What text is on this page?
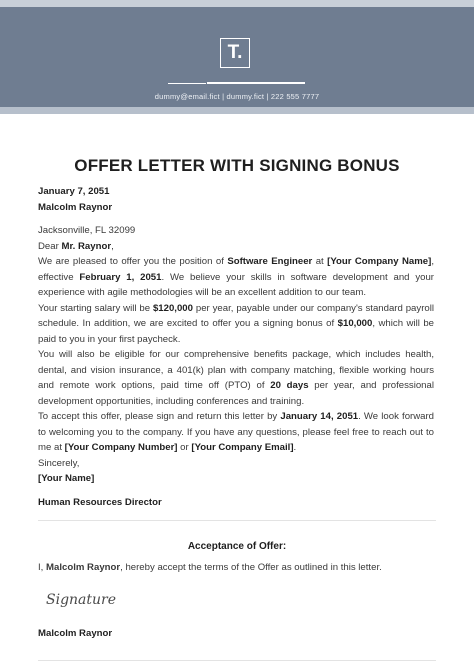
T.
dummy@email.fict | dummy.fict | 222 555 7777
OFFER LETTER WITH SIGNING BONUS

January 7, 2051

Malcolm Raynor

Jacksonville, FL 32099

Dear Mr. Raynor,

We are pleased to offer you the position of Software Engineer at [Your Company Name], effective February 1, 2051. We believe your skills in software development and your experience with agile methodologies will be an excellent addition to our team.

Your starting salary will be $120,000 per year, payable under our company's standard payroll schedule. In addition, we are excited to offer you a signing bonus of $10,000, which will be paid to you in your first paycheck.

You will also be eligible for our comprehensive benefits package, which includes health, dental, and vision insurance, a 401(k) plan with company matching, flexible working hours and remote work options, paid time off (PTO) of 20 days per year, and professional development opportunities, including conferences and training.

To accept this offer, please sign and return this letter by January 14, 2051. We look forward to welcoming you to the company. If you have any questions, please feel free to reach out to me at [Your Company Number] or [Your Company Email].

Sincerely,

[Your Name]

Human Resources Director

Acceptance of Offer:
I, Malcolm Raynor, hereby accept the terms of the Offer as outlined in this letter.
Signature
Malcolm Raynor
